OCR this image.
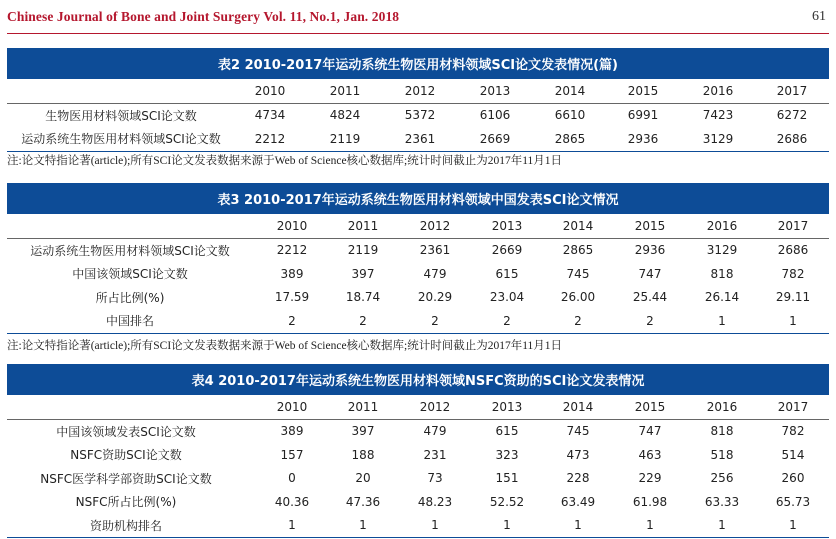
Chinese Journal of Bone and Joint Surgery Vol. 11, No.1, Jan. 2018	61
表2 2010-2017年运动系统生物医用材料领域SCI论文发表情况(篇)
2010	2011	2012	2013	2014	2015	2016	2017
生物医用材料领域SCI论文数	4734	4824	5372	6106	6610	6991	7423	6272
运动系统生物医用材料领域SCI论文数	2212	2119	2361	2669	2865	2936	3129	2686
注:论文特指论著(article);所有SCI论文发表数据来源于Web of Science核心数据库;统计时间截止为2017年11月1日
表3 2010-2017年运动系统生物医用材料领域中国发表SCI论文情况
2010	2011	2012	2013	2014	2015	2016	2017
运动系统生物医用材料领域SCI论文数	2212	2119	2361	2669	2865	2936	3129	2686
中国该领域SCI论文数	389	397	479	615	745	747	818	782
所占比例(%)	17.59	18.74	20.29	23.04	26.00	25.44	26.14	29.11
中国排名	2	2	2	2	2	2	1	1
注:论文特指论著(article);所有SCI论文发表数据来源于Web of Science核心数据库;统计时间截止为2017年11月1日
表4 2010-2017年运动系统生物医用材料领域NSFC资助的SCI论文发表情况
2010	2011	2012	2013	2014	2015	2016	2017
中国该领域发表SCI论文数	389	397	479	615	745	747	818	782
NSFC资助SCI论文数	157	188	231	323	473	463	518	514
NSFC医学科学部资助SCI论文数	0	20	73	151	228	229	256	260
NSFC所占比例(%)	40.36	47.36	48.23	52.52	63.49	61.98	63.33	65.73
资助机构排名	1	1	1	1	1	1	1	1
